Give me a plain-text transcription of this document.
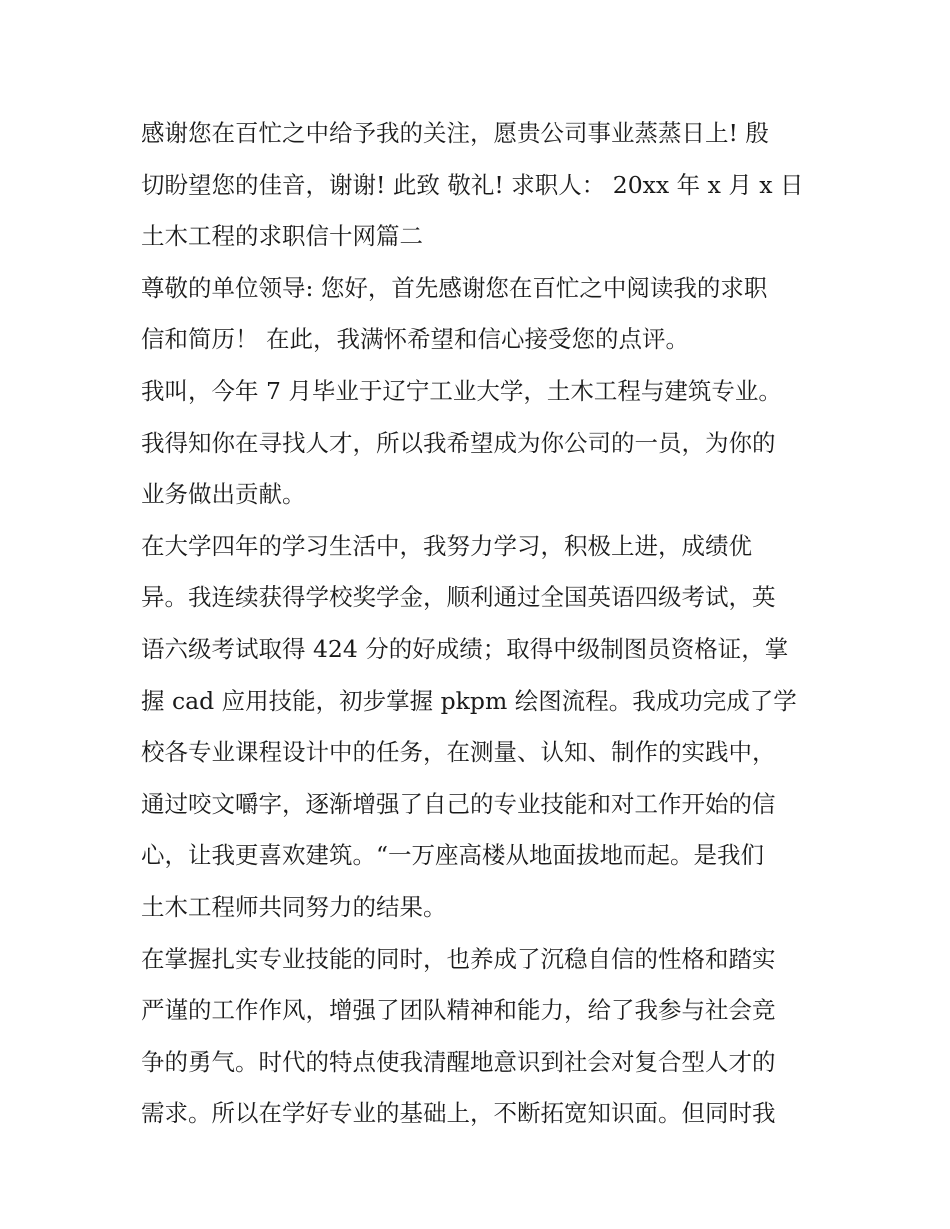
感谢您在百忙之中给予我的关注，愿贵公司事业蒸蒸日上! 殷
切盼望您的佳音，谢谢! 此致 敬礼! 求职人： 20xx 年 x 月 x 日
土木工程的求职信十网篇二
尊敬的单位领导: 您好，首先感谢您在百忙之中阅读我的求职
信和简历！ 在此，我满怀希望和信心接受您的点评。
我叫，今年 7 月毕业于辽宁工业大学，土木工程与建筑专业。
我得知你在寻找人才，所以我希望成为你公司的一员，为你的
业务做出贡献。
在大学四年的学习生活中，我努力学习，积极上进，成绩优
异。我连续获得学校奖学金，顺利通过全国英语四级考试，英
语六级考试取得 424 分的好成绩；取得中级制图员资格证，掌
握 cad 应用技能，初步掌握 pkpm 绘图流程。我成功完成了学
校各专业课程设计中的任务，在测量、认知、制作的实践中，
通过咬文嚼字，逐渐增强了自己的专业技能和对工作开始的信
心，让我更喜欢建筑。“一万座高楼从地面拔地而起。是我们
土木工程师共同努力的结果。
在掌握扎实专业技能的同时，也养成了沉稳自信的性格和踏实
严谨的工作作风，增强了团队精神和能力，给了我参与社会竞
争的勇气。时代的特点使我清醒地意识到社会对复合型人才的
需求。所以在学好专业的基础上，不断拓宽知识面。但同时我
